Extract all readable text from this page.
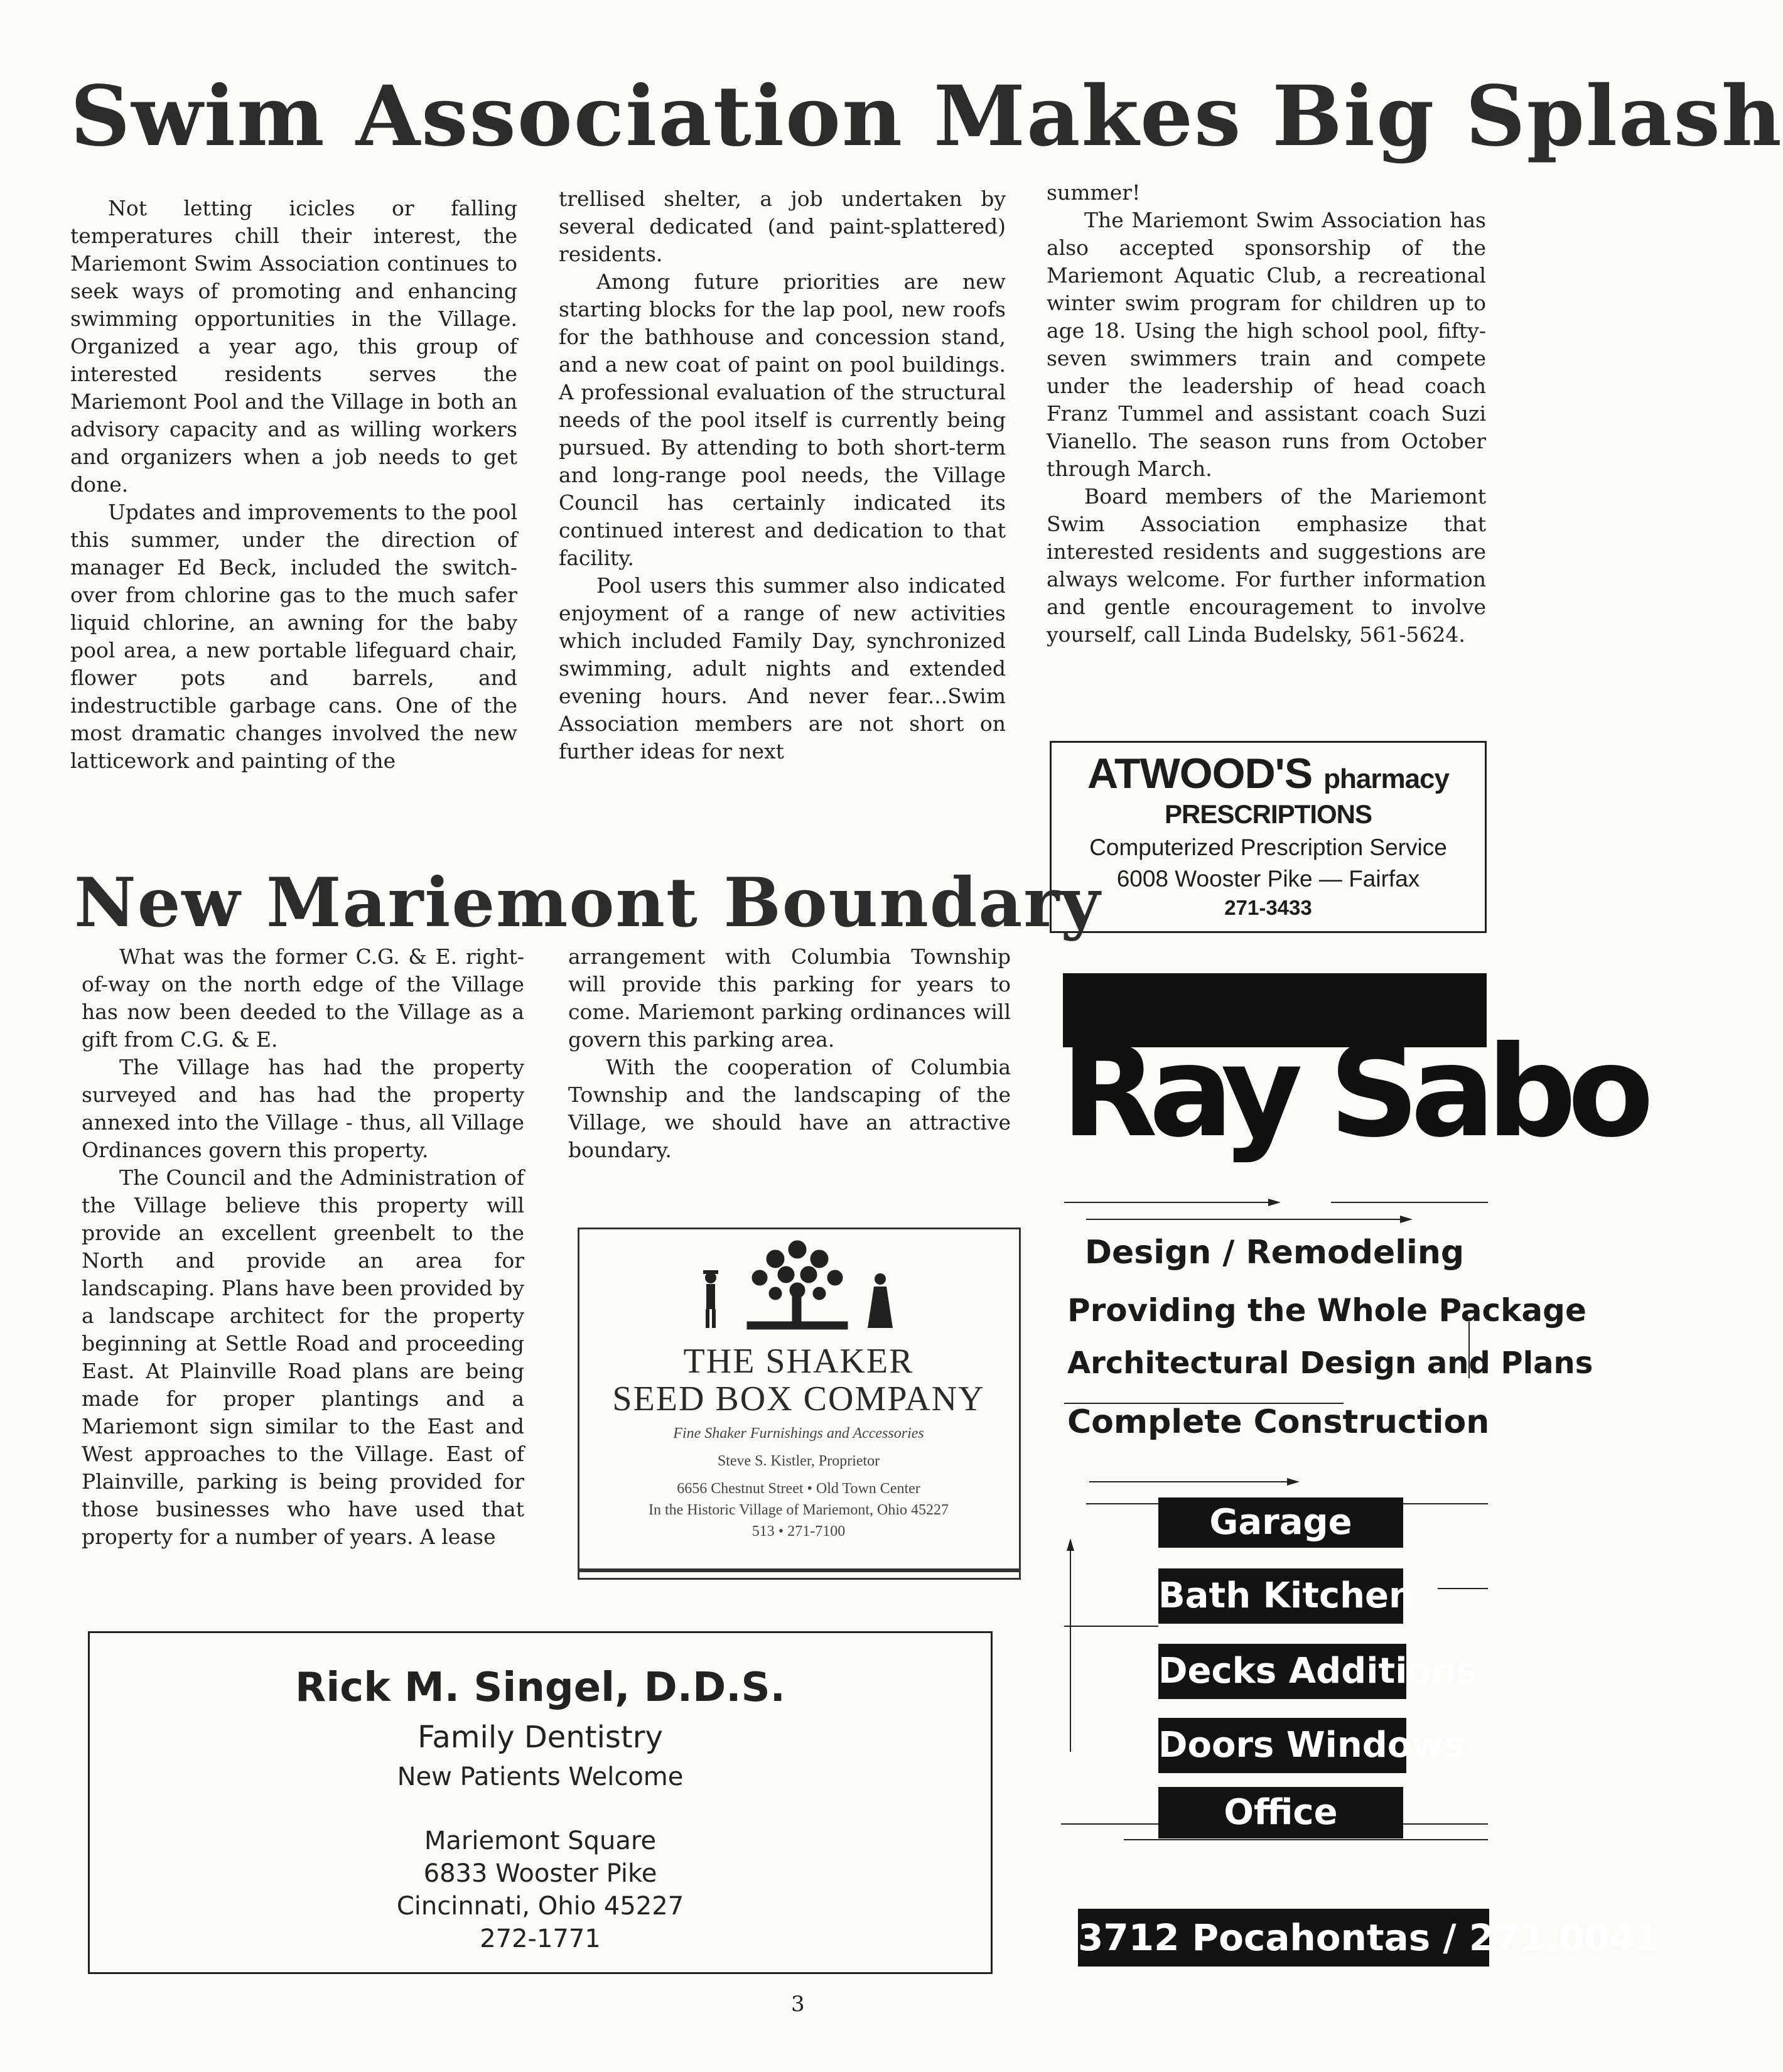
Swim Association Makes Big Splash

Not letting icicles or falling temperatures chill their interest, the Mariemont Swim Association continues to seek ways of promoting and enhancing swimming opportunities in the Village. Organized a year ago, this group of interested residents serves the Mariemont Pool and the Village in both an advisory capacity and as willing workers and organizers when a job needs to get done.

Updates and improvements to the pool this summer, under the direction of manager Ed Beck, included the switch-over from chlorine gas to the much safer liquid chlorine, an awning for the baby pool area, a new portable lifeguard chair, flower pots and barrels, and indestructible garbage cans. One of the most dramatic changes involved the new latticework and painting of the

trellised shelter, a job undertaken by several dedicated (and paint-splattered) residents.

Among future priorities are new starting blocks for the lap pool, new roofs for the bathhouse and concession stand, and a new coat of paint on pool buildings. A professional evaluation of the structural needs of the pool itself is currently being pursued. By attending to both short-term and long-range pool needs, the Village Council has certainly indicated its continued interest and dedication to that facility.

Pool users this summer also indicated enjoyment of a range of new activities which included Family Day, synchronized swimming, adult nights and extended evening hours. And never fear...Swim Association members are not short on further ideas for next

summer!

The Mariemont Swim Association has also accepted sponsorship of the Mariemont Aquatic Club, a recreational winter swim program for children up to age 18. Using the high school pool, fifty-seven swimmers train and compete under the leadership of head coach Franz Tummel and assistant coach Suzi Vianello. The season runs from October through March.

Board members of the Mariemont Swim Association emphasize that interested residents and suggestions are always welcome. For further information and gentle encouragement to involve yourself, call Linda Budelsky, 561-5624.

ATWOOD'S pharmacy
PRESCRIPTIONS
Computerized Prescription Service
6008 Wooster Pike — Fairfax
271-3433
New Mariemont Boundary

What was the former C.G. & E. right-of-way on the north edge of the Village has now been deeded to the Village as a gift from C.G. & E.

The Village has had the property surveyed and has had the property annexed into the Village - thus, all Village Ordinances govern this property.

The Council and the Administration of the Village believe this property will provide an excellent greenbelt to the North and provide an area for landscaping. Plans have been provided by a landscape architect for the property beginning at Settle Road and proceeding East. At Plainville Road plans are being made for proper plantings and a Mariemont sign similar to the East and West approaches to the Village. East of Plainville, parking is being provided for those businesses who have used that property for a number of years. A lease

arrangement with Columbia Township will provide this parking for years to come. Mariemont parking ordinances will govern this parking area.

With the cooperation of Columbia Township and the landscaping of the Village, we should have an attractive boundary.

THE SHAKER
SEED BOX COMPANY
Fine Shaker Furnishings and Accessories
Steve S. Kistler, Proprietor
6656 Chestnut Street • Old Town Center
In the Historic Village of Mariemont, Ohio 45227
513 • 271-7100
Rick M. Singel, D.D.S.
Family Dentistry
New Patients Welcome
Mariemont Square
6833 Wooster Pike
Cincinnati, Ohio 45227
272-1771
Ray Sabo
Design / Remodeling
Providing the Whole Package
Architectural Design and Plans
Complete Construction
Garage
Bath Kitchen
Decks Additions
Doors Windows
Office
3712 Pocahontas / 271.0041
3
